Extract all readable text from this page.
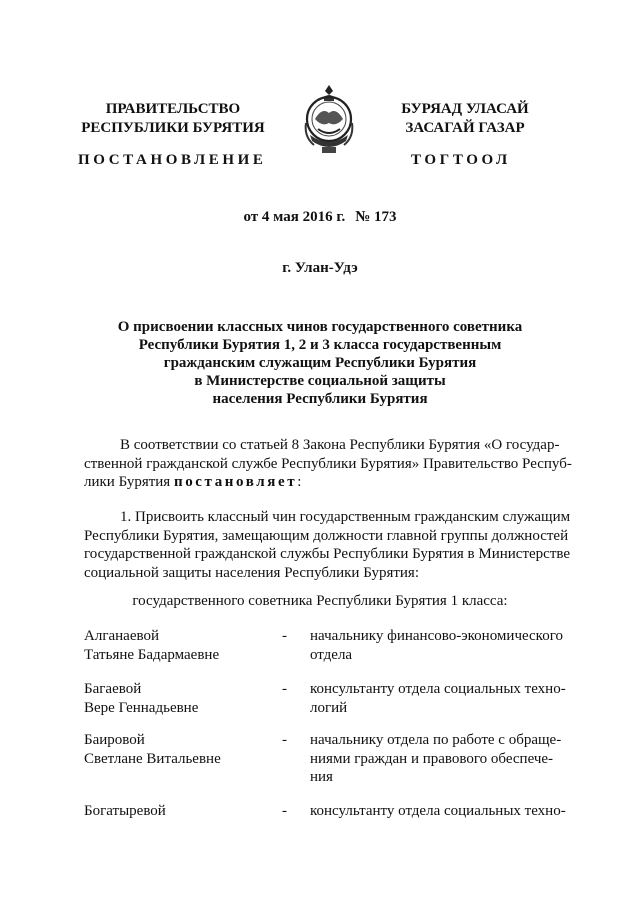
ПРАВИТЕЛЬСТВО
РЕСПУБЛИКИ БУРЯТИЯ
БУРЯАД УЛАСАЙ
ЗАСАГАЙ ГАЗАР
ПОСТАНОВЛЕНИЕ	ТОГТООЛ
от 4 мая 2016 г. № 173
г. Улан-Удэ
О присвоении классных чинов государственного советника
Республики Бурятия 1, 2 и 3 класса государственным
гражданским служащим Республики Бурятия
в Министерстве социальной защиты
населения Республики Бурятия
В соответствии со статьей 8 Закона Республики Бурятия «О государ-
ственной гражданской службе Республики Бурятия» Правительство Респуб-
лики Бурятия постановляет:
1. Присвоить классный чин государственным гражданским служащим
Республики Бурятия, замещающим должности главной группы должностей
государственной гражданской службы Республики Бурятия в Министерстве
социальной защиты населения Республики Бурятия:
государственного советника Республики Бурятия 1 класса:
Алганаевой
Татьяне Бадармаевне
- начальнику финансово-экономического
отдела
Багаевой
Вере Геннадьевне
- консультанту отдела социальных техно-
логий
Баировой
Светлане Витальевне
- начальнику отдела по работе с обраще-
ниями граждан и правового обеспече-
ния
Богатыревой	- консультанту отдела социальных техно-
